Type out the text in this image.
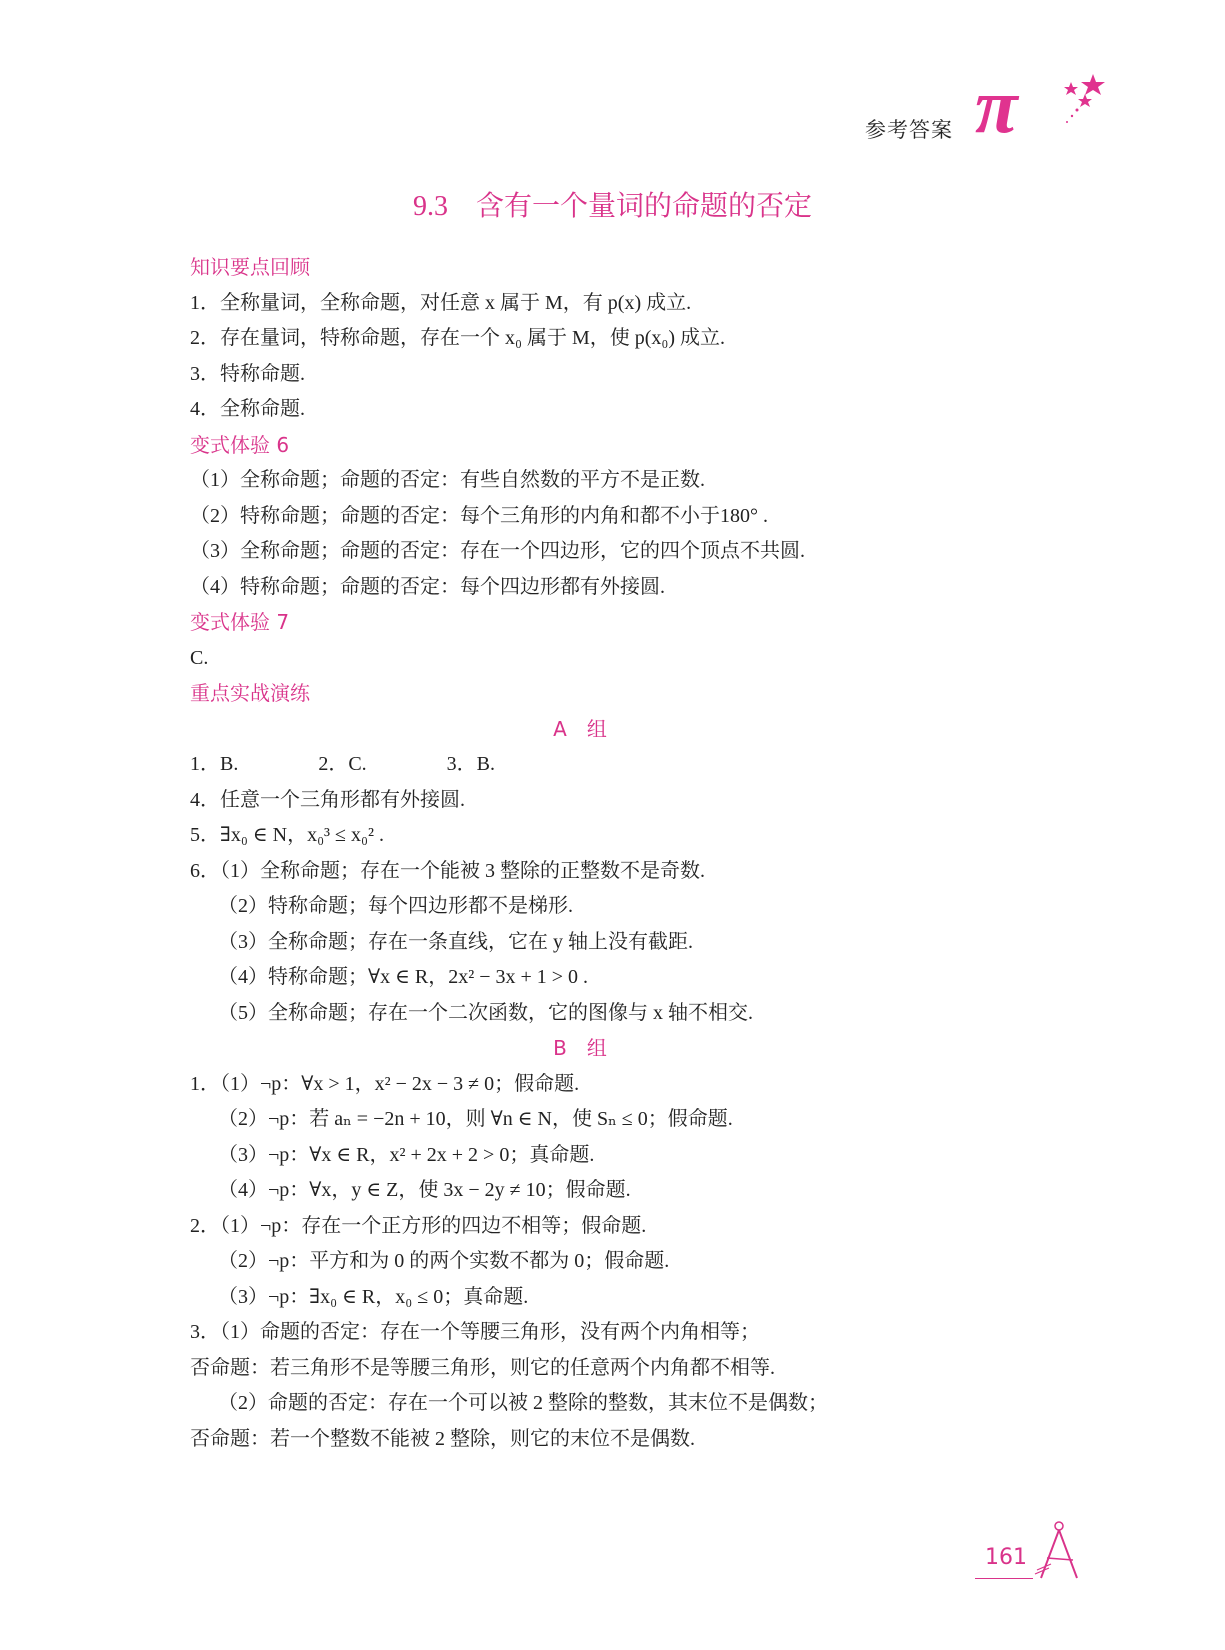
参考答案 π
9.3 含有一个量词的命题的否定
知识要点回顾
1．全称量词，全称命题，对任意 x 属于 M，有 p(x) 成立.
2．存在量词，特称命题，存在一个 x₀ 属于 M，使 p(x₀) 成立.
3．特称命题.
4．全称命题.
变式体验 6
（1）全称命题；命题的否定：有些自然数的平方不是正数.
（2）特称命题；命题的否定：每个三角形的内角和都不小于180° .
（3）全称命题；命题的否定：存在一个四边形，它的四个顶点不共圆.
（4）特称命题；命题的否定：每个四边形都有外接圆.
变式体验 7
C.
重点实战演练
A　组
1．B.　　　　2．C.　　　　3．B.
4．任意一个三角形都有外接圆.
5．∃x₀ ∈ N，x₀³ ≤ x₀² .
6．（1）全称命题；存在一个能被 3 整除的正整数不是奇数.
（2）特称命题；每个四边形都不是梯形.
（3）全称命题；存在一条直线，它在 y 轴上没有截距.
（4）特称命题；∀x ∈ R，2x² − 3x + 1 > 0 .
（5）全称命题；存在一个二次函数，它的图像与 x 轴不相交.
B　组
1．（1）¬p：∀x > 1，x² − 2x − 3 ≠ 0；假命题.
（2）¬p：若 aₙ = −2n + 10，则 ∀n ∈ N，使 Sₙ ≤ 0；假命题.
（3）¬p：∀x ∈ R，x² + 2x + 2 > 0；真命题.
（4）¬p：∀x，y ∈ Z，使 3x − 2y ≠ 10；假命题.
2．（1）¬p：存在一个正方形的四边不相等；假命题.
（2）¬p：平方和为 0 的两个实数不都为 0；假命题.
（3）¬p：∃x₀ ∈ R，x₀ ≤ 0；真命题.
3．（1）命题的否定：存在一个等腰三角形，没有两个内角相等；
否命题：若三角形不是等腰三角形，则它的任意两个内角都不相等.
（2）命题的否定：存在一个可以被 2 整除的整数，其末位不是偶数；
否命题：若一个整数不能被 2 整除，则它的末位不是偶数.
161
